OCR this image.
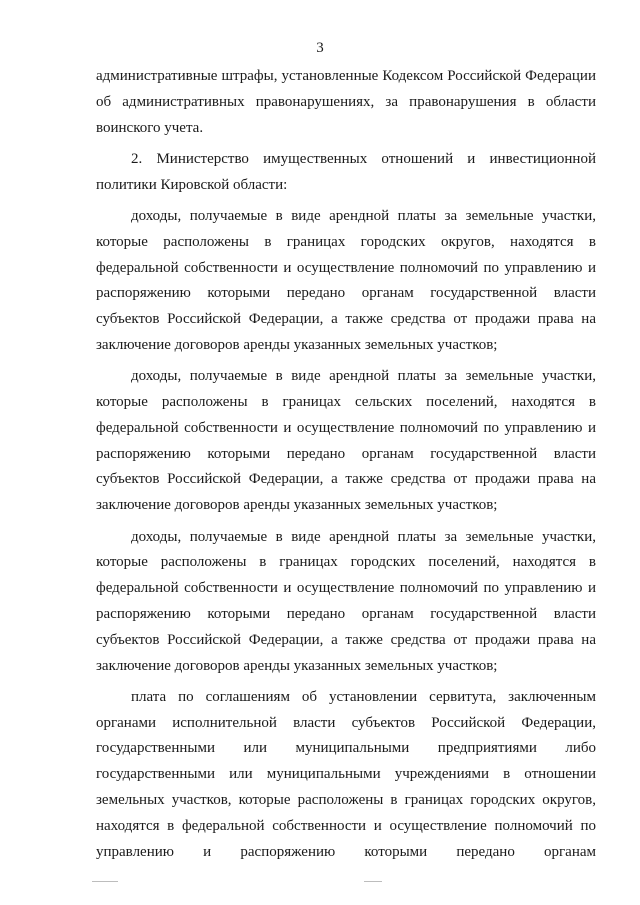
3

административные штрафы, установленные Кодексом Российской Федерации об административных правонарушениях, за правонарушения в области воинского учета.

2. Министерство имущественных отношений и инвестиционной политики Кировской области:

доходы, получаемые в виде арендной платы за земельные участки, которые расположены в границах городских округов, находятся в федеральной собственности и осуществление полномочий по управлению и распоряжению которыми передано органам государственной власти субъектов Российской Федерации, а также средства от продажи права на заключение договоров аренды указанных земельных участков;

доходы, получаемые в виде арендной платы за земельные участки, которые расположены в границах сельских поселений, находятся в федеральной собственности и осуществление полномочий по управлению и распоряжению которыми передано органам государственной власти субъектов Российской Федерации, а также средства от продажи права на заключение договоров аренды указанных земельных участков;

доходы, получаемые в виде арендной платы за земельные участки, которые расположены в границах городских поселений, находятся в федеральной собственности и осуществление полномочий по управлению и распоряжению которыми передано органам государственной власти субъектов Российской Федерации, а также средства от продажи права на заключение договоров аренды указанных земельных участков;

плата по соглашениям об установлении сервитута, заключенным органами исполнительной власти субъектов Российской Федерации, государственными или муниципальными предприятиями либо государственными или муниципальными учреждениями в отношении земельных участков, которые расположены в границах городских округов, находятся в федеральной собственности и осуществление полномочий по управлению и распоряжению которыми передано органам
